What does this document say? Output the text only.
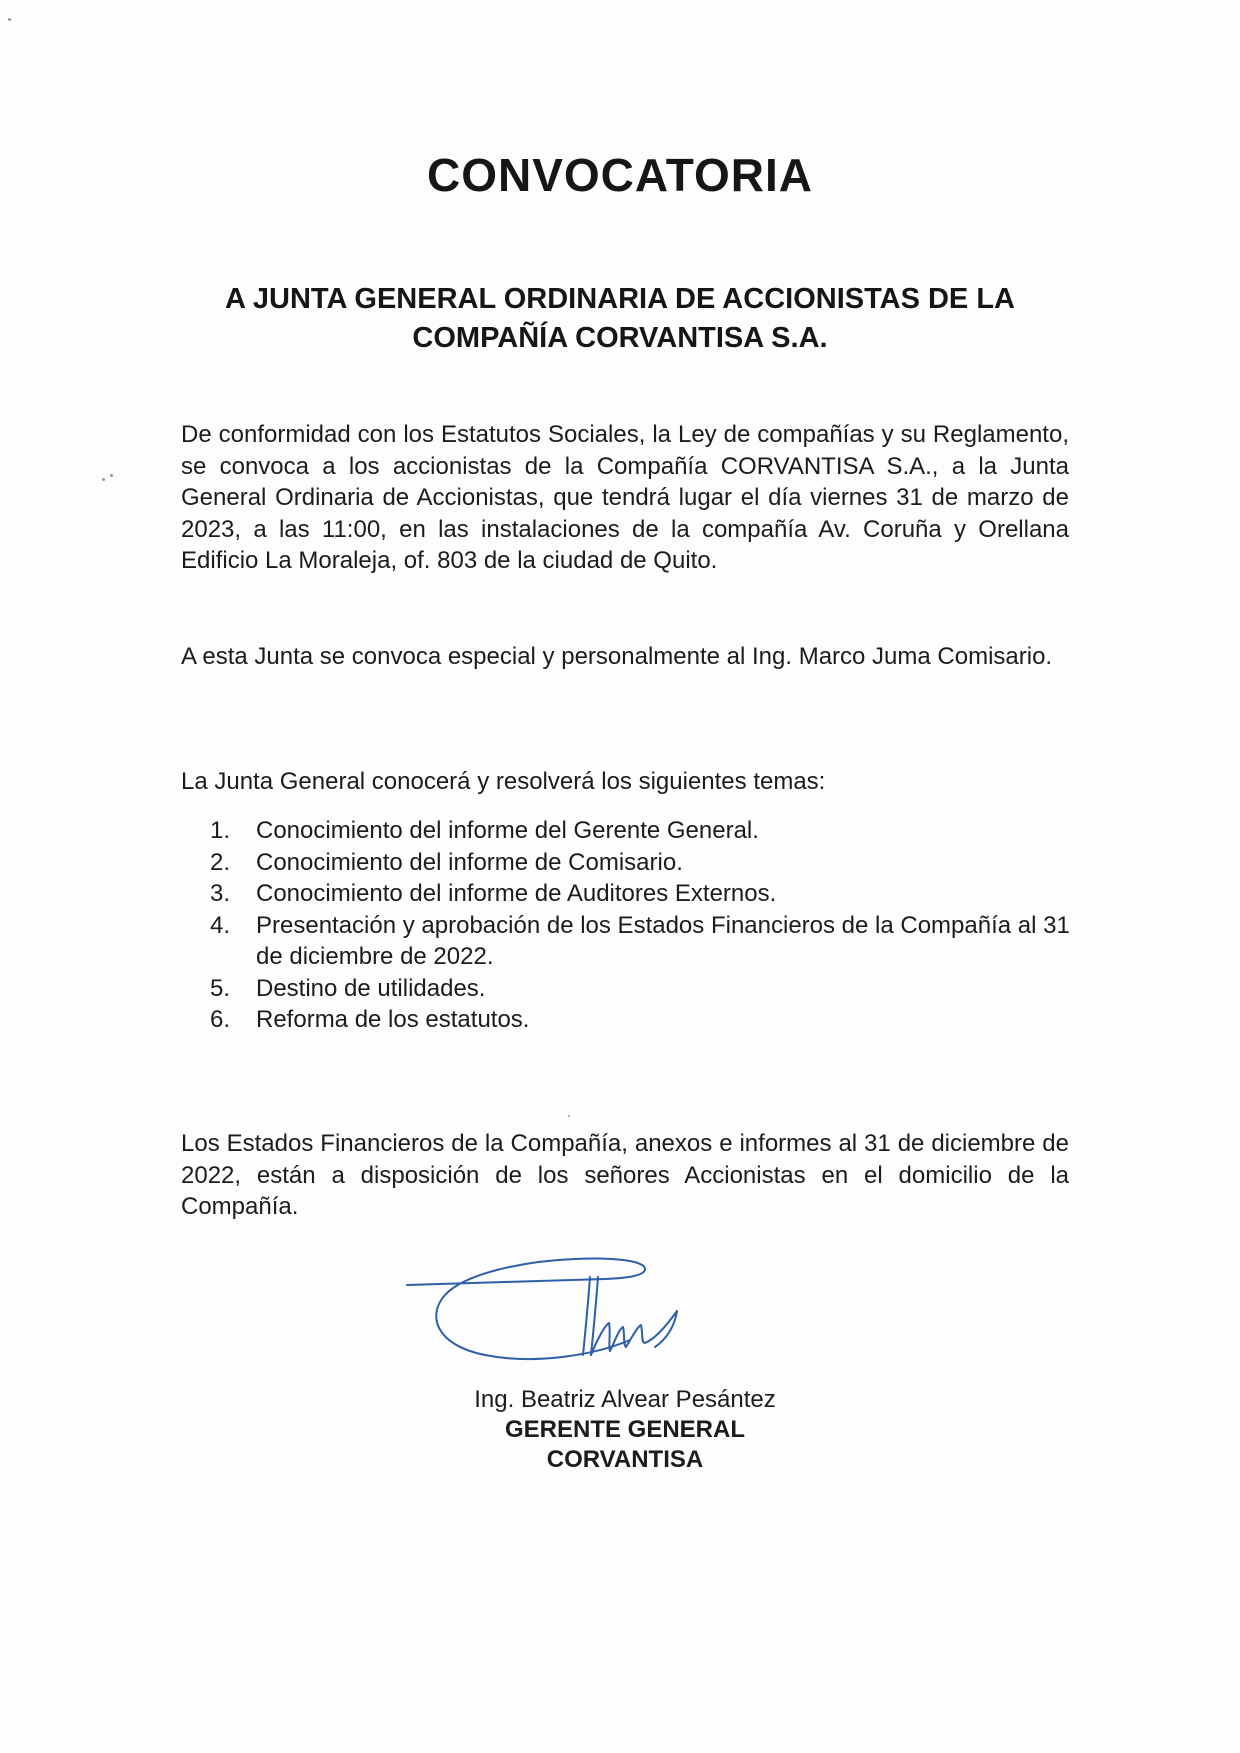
CONVOCATORIA
A JUNTA GENERAL ORDINARIA DE ACCIONISTAS DE LA
COMPAÑÍA CORVANTISA S.A.
De conformidad con los Estatutos Sociales, la Ley de compañías y su Reglamento, se convoca a los accionistas de la Compañía CORVANTISA S.A., a la Junta General Ordinaria de Accionistas, que tendrá lugar el día viernes 31 de marzo de 2023, a las 11:00, en las instalaciones de la compañía Av. Coruña y Orellana Edificio La Moraleja, of. 803 de la ciudad de Quito.
A esta Junta se convoca especial y personalmente al Ing. Marco Juma Comisario.
La Junta General conocerá y resolverá los siguientes temas:
1.	Conocimiento del informe del Gerente General.
2.	Conocimiento del informe de Comisario.
3.	Conocimiento del informe de Auditores Externos.
4.	Presentación y aprobación de los Estados Financieros de la Compañía al 31 de diciembre de 2022.
5.	Destino de utilidades.
6.	Reforma de los estatutos.
Los Estados Financieros de la Compañía, anexos e informes al 31 de diciembre de 2022, están a disposición de los señores Accionistas en el domicilio de la Compañía.
Ing. Beatriz Alvear Pesántez
GERENTE GENERAL
CORVANTISA
